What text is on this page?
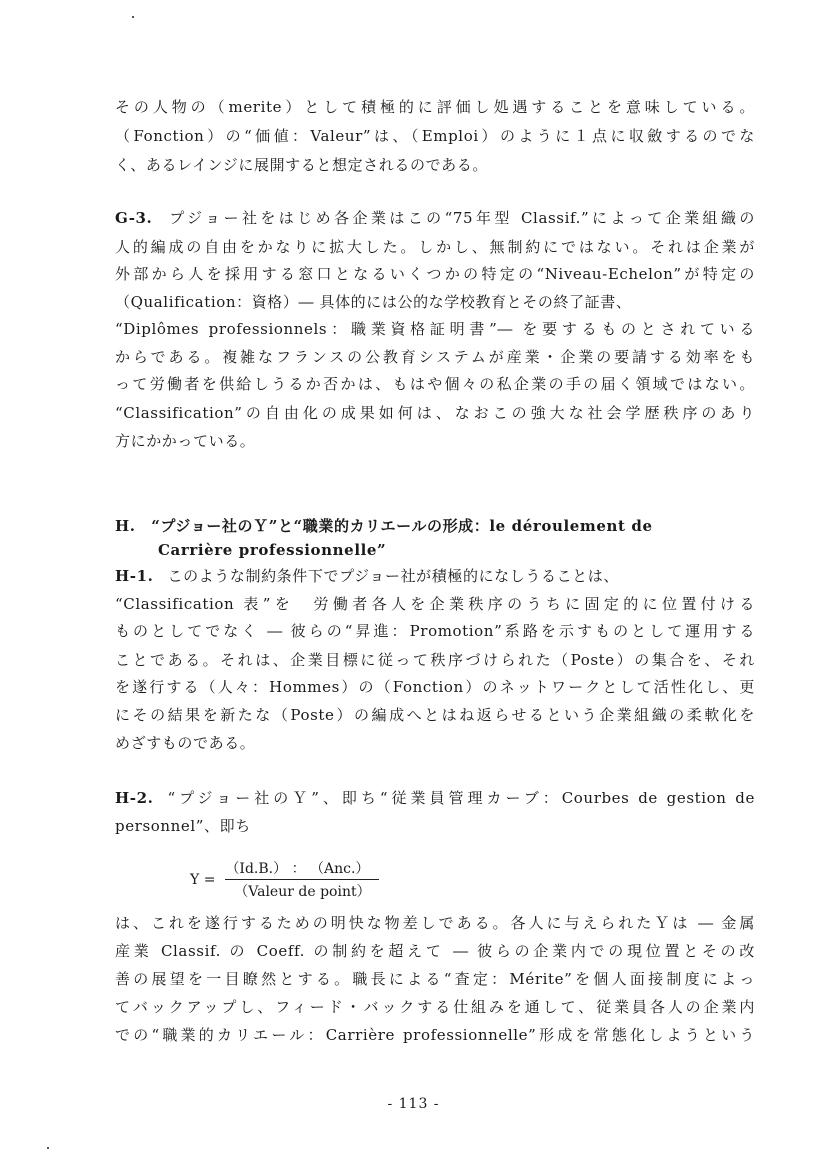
その人物の（merite）として積極的に評価し処遇することを意味している。
（Fonction）の“価値：Valeur”は、（Emploi）のように１点に収斂するのでな
く、あるレインジに展開すると想定されるのである。
G-3. プジョー社をはじめ各企業はこの“75年型 Classif.”によって企業組織の
人的編成の自由をかなりに拡大した。しかし、無制約にではない。それは企業が
外部から人を採用する窓口となるいくつかの特定の“Niveau-Echelon”が特定の
（Qualification：資格）― 具体的には公的な学校教育とその終了証書、
“Diplômes professionnels：職業資格証明書”― を要するものとされている
からである。複雑なフランスの公教育システムが産業・企業の要請する効率をも
って労働者を供給しうるか否かは、もはや個々の私企業の手の届く領域ではない。
“Classification”の自由化の成果如何は、なおこの強大な社会学歴秩序のあり
方にかかっている。
H.　“プジョー社のＹ”と“職業的カリエールの形成：le déroulement de
Carrière professionnelle”
H-1. このような制約条件下でプジョー社が積極的になしうることは、
“Classification 表”を　労働者各人を企業秩序のうちに固定的に位置付ける
ものとしてでなく ― 彼らの“昇進：Promotion”系路を示すものとして運用する
ことである。それは、企業目標に従って秩序づけられた（Poste）の集合を、それ
を遂行する（人々：Hommes）の（Fonction）のネットワークとして活性化し、更
にその結果を新たな（Poste）の編成へとはね返らせるという企業組織の柔軟化を
めざすものである。
H-2. “プジョー社のＹ”、即ち“従業員管理カーブ：Courbes de gestion de
personnel”、即ち
$Y = \frac{\text{（Id.B.） ： （Anc.）}}{\text{（Valeur de point）}}$
は、これを遂行するための明快な物差しである。各人に与えられたＹは ― 金属
産業 Classif. の Coeff. の制約を超えて ― 彼らの企業内での現位置とその改
善の展望を一目瞭然とする。職長による“査定：Mérite”を個人面接制度によっ
てバックアップし、フィード・バックする仕組みを通して、従業員各人の企業内
での“職業的カリエール：Carrière professionnelle”形成を常態化しようという
- 113 -
